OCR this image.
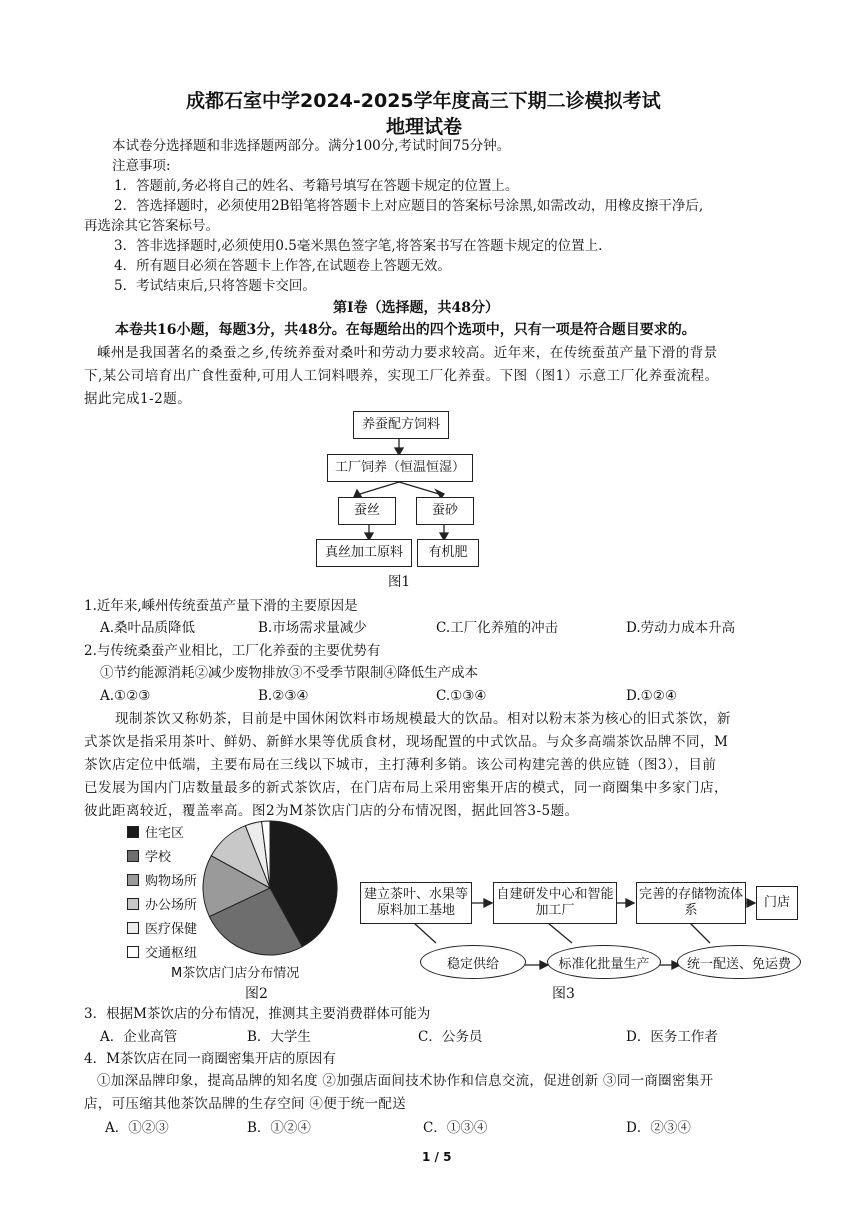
成都石室中学2024-2025学年度高三下期二诊模拟考试
地理试卷
本试卷分选择题和非选择题两部分。满分100分,考试时间75分钟。
注意事项:
1．答题前,务必将自己的姓名、考籍号填写在答题卡规定的位置上。
2．答选择题时，必须使用2B铅笔将答题卡上对应题目的答案标号涂黑,如需改动，用橡皮擦干净后,
再选涂其它答案标号。
3．答非选择题时,必须使用0.5毫米黑色签字笔,将答案书写在答题卡规定的位置上.
4．所有题目必须在答题卡上作答,在试题卷上答题无效。
5．考试结束后,只将答题卡交回。
第Ⅰ卷（选择题，共48分）
本卷共16小题，每题3分，共48分。在每题给出的四个选项中，只有一项是符合题目要求的。
嵊州是我国著名的桑蚕之乡,传统养蚕对桑叶和劳动力要求较高。近年来，在传统蚕茧产量下滑的背景
下,某公司培育出广食性蚕种,可用人工饲料喂养，实现工厂化养蚕。下图（图1）示意工厂化养蚕流程。
据此完成1-2题。
养蚕配方饲料
工厂饲养（恒温恒湿）
蚕丝	蚕砂
真丝加工原料	有机肥
图1
1.近年来,嵊州传统蚕茧产量下滑的主要原因是
A.桑叶品质降低	B.市场需求量减少	C.工厂化养殖的冲击	D.劳动力成本升高
2.与传统桑蚕产业相比，工厂化养蚕的主要优势有
①节约能源消耗②减少废物排放③不受季节限制④降低生产成本
A.①②③	B.②③④	C.①③④	D.①②④
现制茶饮又称奶茶，目前是中国休闲饮料市场规模最大的饮品。相对以粉末茶为核心的旧式茶饮，新
式茶饮是指采用茶叶、鲜奶、新鲜水果等优质食材，现场配置的中式饮品。与众多高端茶饮品牌不同，M
茶饮店定位中低端，主要布局在三线以下城市，主打薄利多销。该公司构建完善的供应链（图3），目前
已发展为国内门店数量最多的新式茶饮店，在门店布局上采用密集开店的模式，同一商圈集中多家门店，
彼此距离较近，覆盖率高。图2为M茶饮店门店的分布情况图，据此回答3-5题。
住宅区
学校
购物场所
办公场所
医疗保健
交通枢纽
M茶饮店门店分布情况
图2
建立茶叶、水果等原料加工基地
自建研发中心和智能加工厂
完善的存储物流体系
门店
稳定供给	标准化批量生产	统一配送、免运费
图3
3．根据M茶饮店的分布情况，推测其主要消费群体可能为
A．企业高管	B．大学生	C．公务员	D．医务工作者
4．M茶饮店在同一商圈密集开店的原因有
①加深品牌印象，提高品牌的知名度 ②加强店面间技术协作和信息交流，促进创新 ③同一商圈密集开
店，可压缩其他茶饮品牌的生存空间 ④便于统一配送
A．①②③	B．①②④	C．①③④	D．②③④
1 / 5
